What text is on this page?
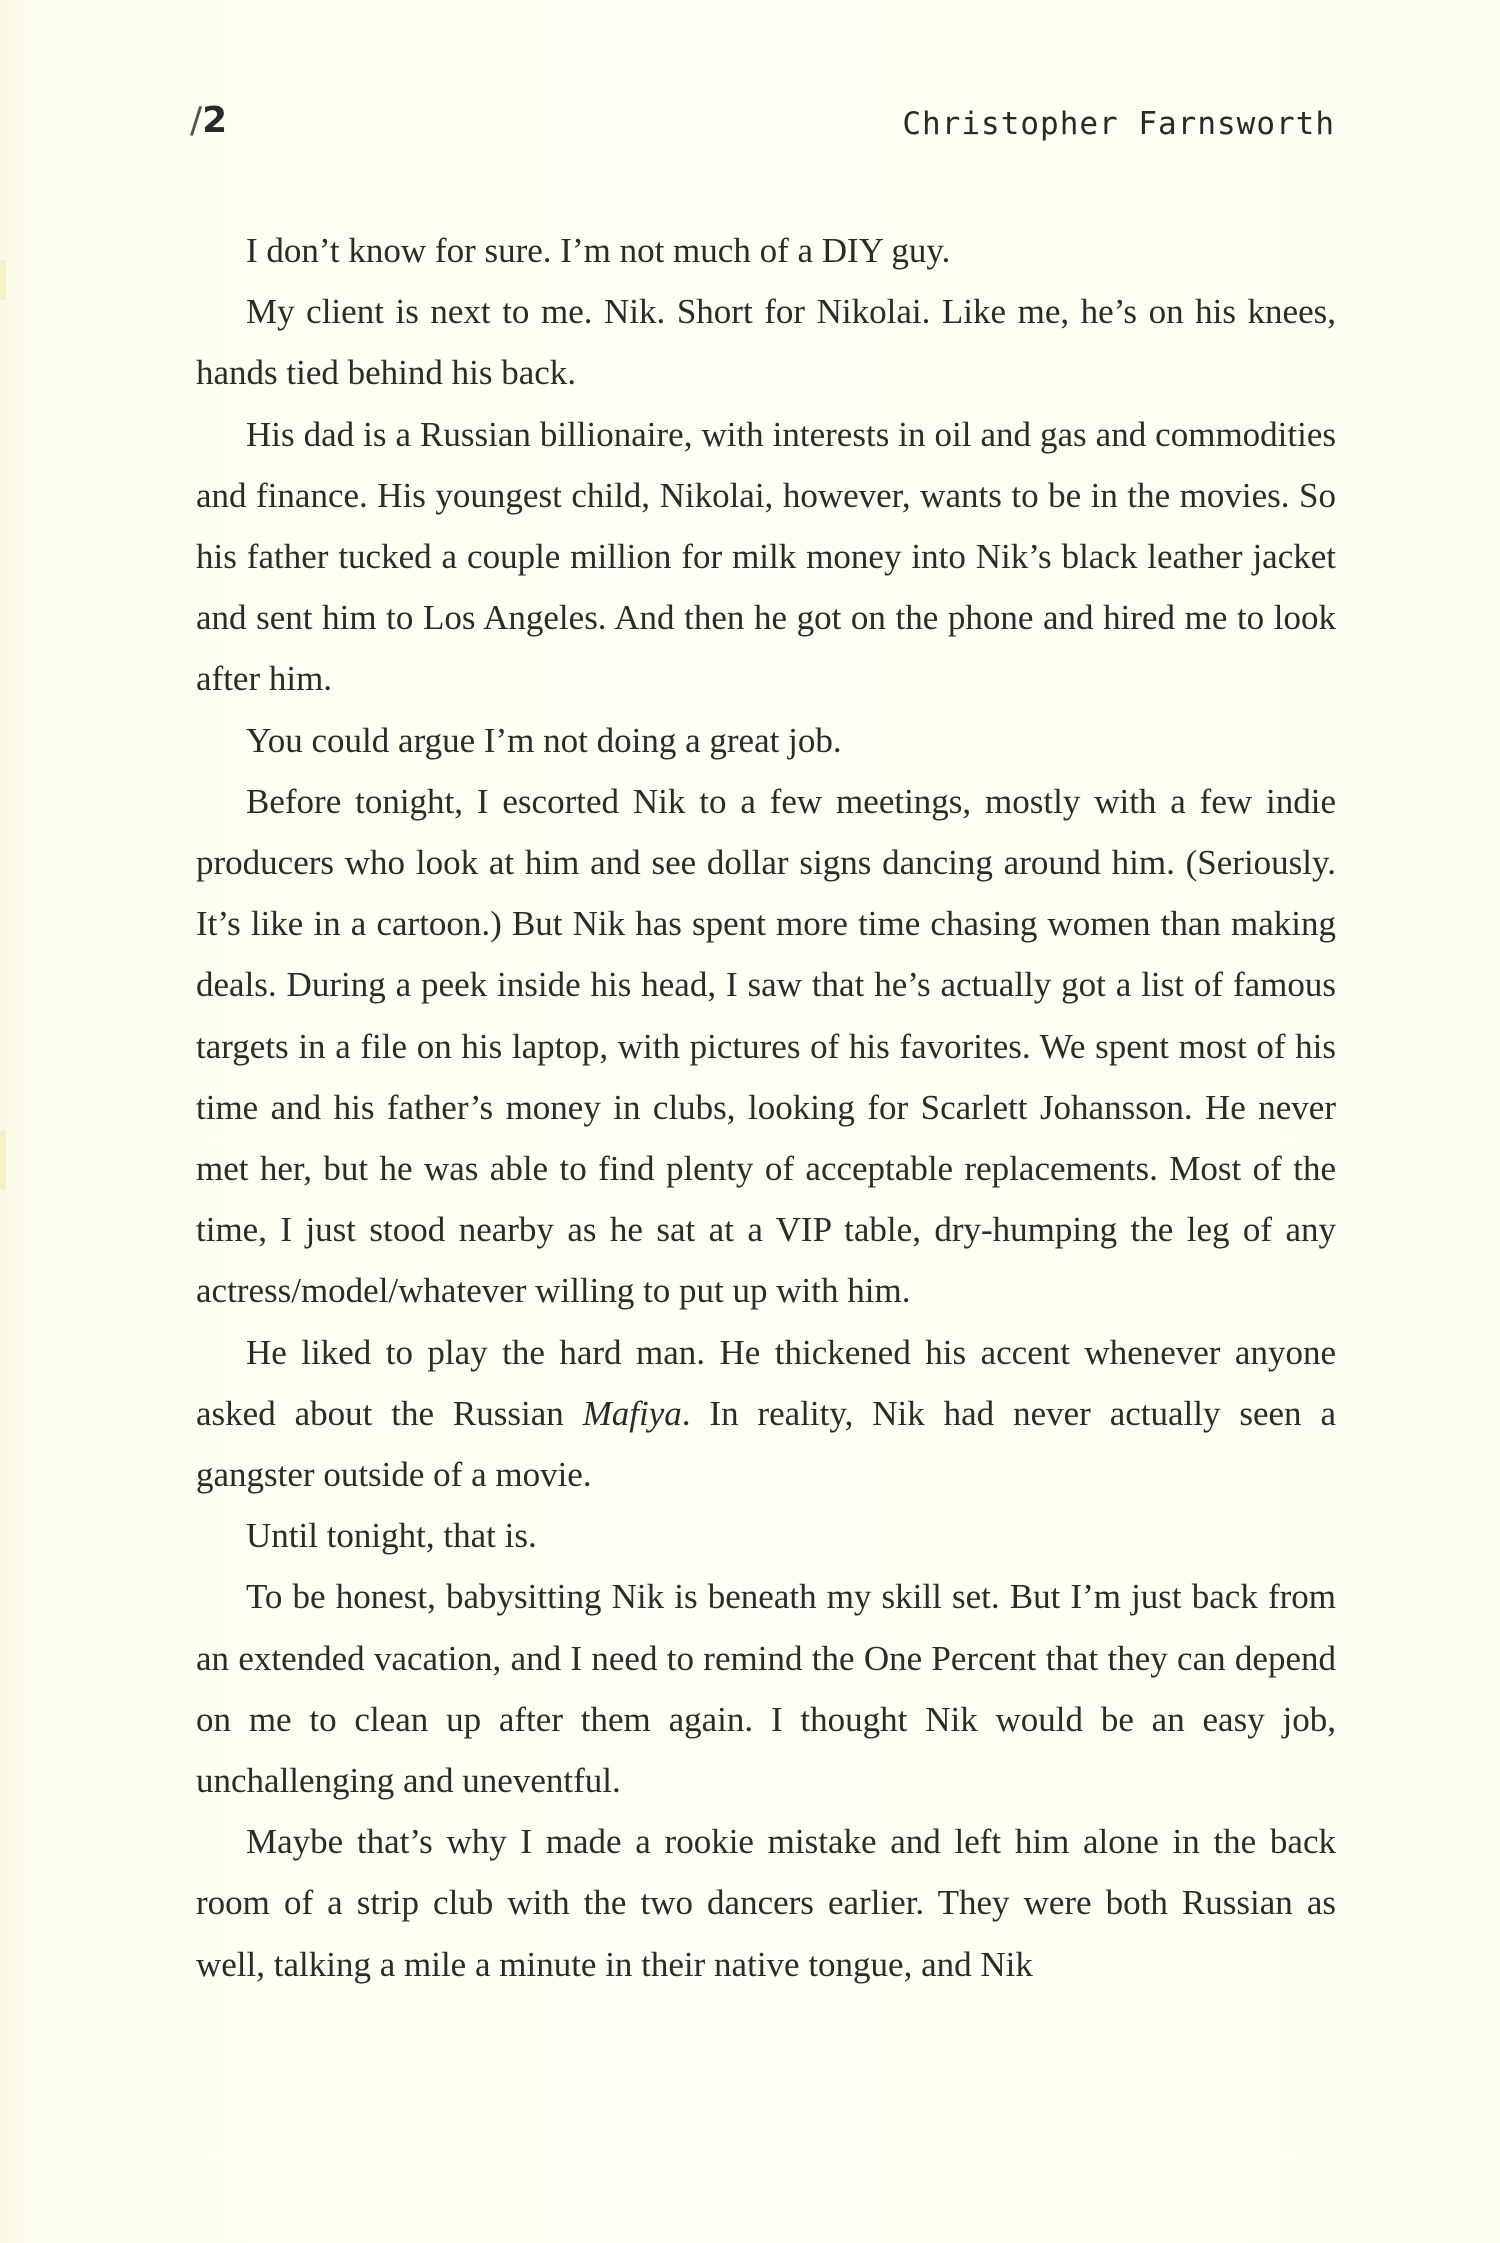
/2	Christopher Farnsworth

I don’t know for sure. I’m not much of a DIY guy.

My client is next to me. Nik. Short for Nikolai. Like me, he’s on his knees, hands tied behind his back.

His dad is a Russian billionaire, with interests in oil and gas and commodities and finance. His youngest child, Nikolai, however, wants to be in the movies. So his father tucked a couple million for milk money into Nik’s black leather jacket and sent him to Los Angeles. And then he got on the phone and hired me to look after him.

You could argue I’m not doing a great job.

Before tonight, I escorted Nik to a few meetings, mostly with a few indie producers who look at him and see dollar signs dancing around him. (Seriously. It’s like in a cartoon.) But Nik has spent more time chasing women than making deals. During a peek inside his head, I saw that he’s actually got a list of famous targets in a file on his laptop, with pictures of his favorites. We spent most of his time and his father’s money in clubs, looking for Scarlett Johansson. He never met her, but he was able to find plenty of acceptable replacements. Most of the time, I just stood nearby as he sat at a VIP table, dry-humping the leg of any actress/model/whatever willing to put up with him.

He liked to play the hard man. He thickened his accent whenever anyone asked about the Russian Mafiya. In reality, Nik had never actually seen a gangster outside of a movie.

Until tonight, that is.

To be honest, babysitting Nik is beneath my skill set. But I’m just back from an extended vacation, and I need to remind the One Percent that they can depend on me to clean up after them again. I thought Nik would be an easy job, unchallenging and uneventful.

Maybe that’s why I made a rookie mistake and left him alone in the back room of a strip club with the two dancers earlier. They were both Russian as well, talking a mile a minute in their native tongue, and Nik
